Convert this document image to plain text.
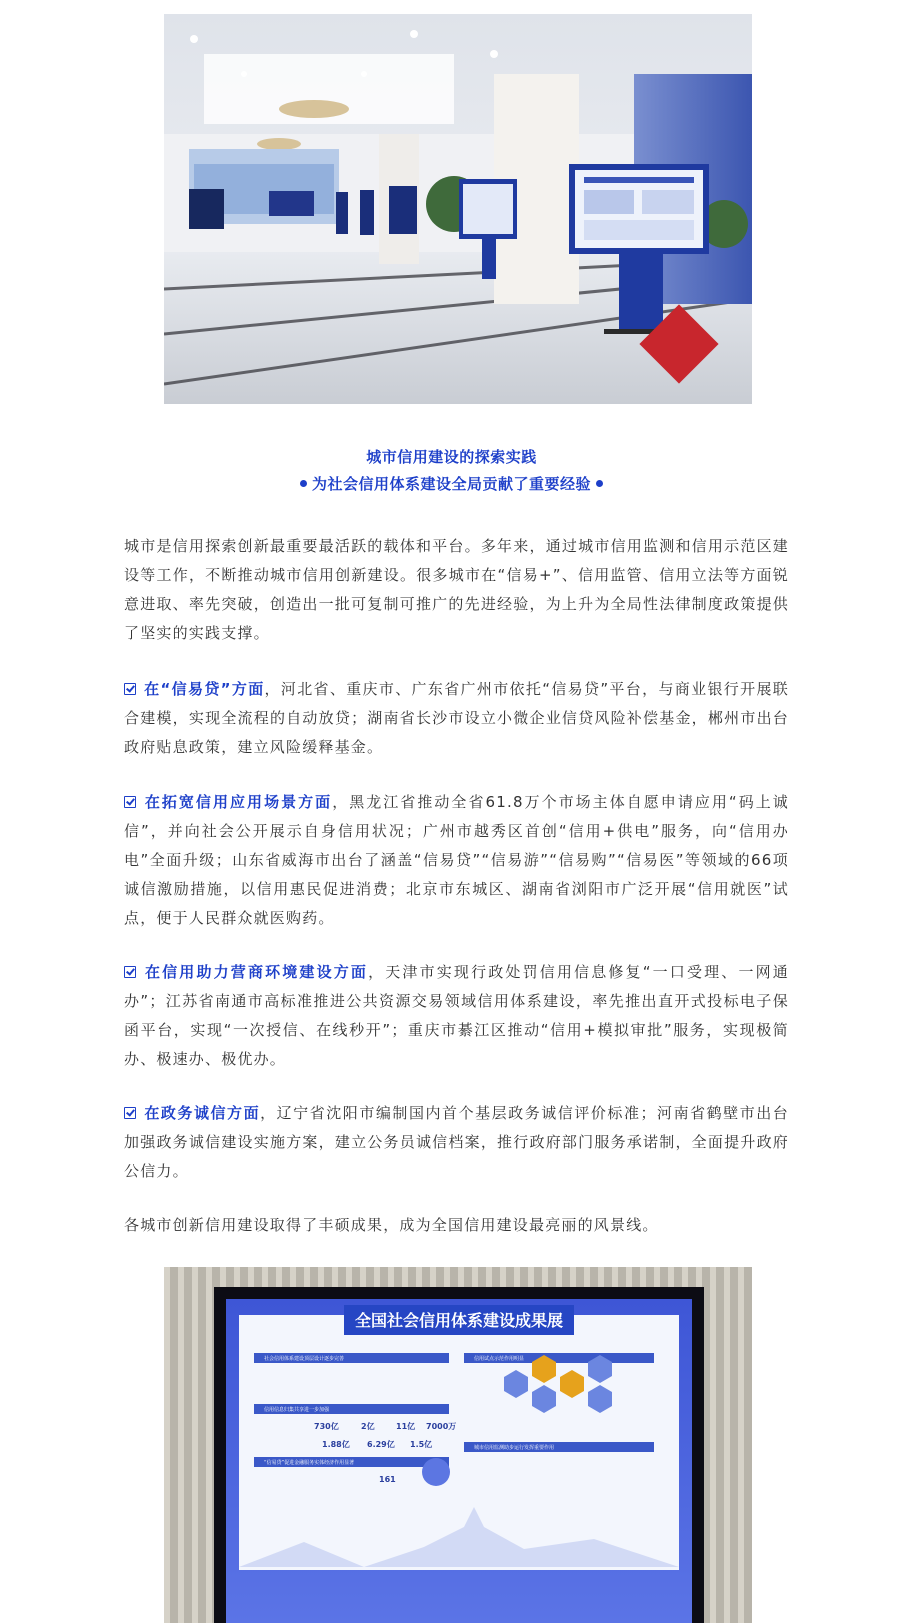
城市信用建设的探索实践
为社会信用体系建设全局贡献了重要经验

城市是信用探索创新最重要最活跃的载体和平台。多年来，通过城市信用监测和信用示范区建设等工作，不断推动城市信用创新建设。很多城市在“信易+”、信用监管、信用立法等方面锐意进取、率先突破，创造出一批可复制可推广的先进经验，为上升为全局性法律制度政策提供了坚实的实践支撑。

在“信易贷”方面，河北省、重庆市、广东省广州市依托“信易贷”平台，与商业银行开展联合建模，实现全流程的自动放贷；湖南省长沙市设立小微企业信贷风险补偿基金，郴州市出台政府贴息政策，建立风险缓释基金。

在拓宽信用应用场景方面，黑龙江省推动全省61.8万个市场主体自愿申请应用“码上诚信”，并向社会公开展示自身信用状况；广州市越秀区首创“信用+供电”服务，向“信用办电”全面升级；山东省威海市出台了涵盖“信易贷”“信易游”“信易购”“信易医”等领域的66项诚信激励措施，以信用惠民促进消费；北京市东城区、湖南省浏阳市广泛开展“信用就医”试点，便于人民群众就医购药。

在信用助力营商环境建设方面，天津市实现行政处罚信用信息修复“一口受理、一网通办”；江苏省南通市高标准推进公共资源交易领域信用体系建设，率先推出直开式投标电子保函平台，实现“一次授信、在线秒开”；重庆市綦江区推动“信用+模拟审批”服务，实现极简办、极速办、极优办。

在政务诚信方面，辽宁省沈阳市编制国内首个基层政务诚信评价标准；河南省鹤壁市出台加强政务诚信建设实施方案，建立公务员诚信档案，推行政府部门服务承诺制，全面提升政府公信力。

各城市创新信用建设取得了丰硕成果，成为全国信用建设最亮丽的风景线。

全国社会信用体系建设成果展
社会信用体系建设顶层设计逐步完善
信用信息归集共享进一步加强
“信易贷”促进金融服务实体经济作用显著
信用试点示范作用明显
城市信用监测助步运行发挥重要作用
730亿	2亿	11亿 7000万
1.88亿 6.29亿 1.5亿
161
